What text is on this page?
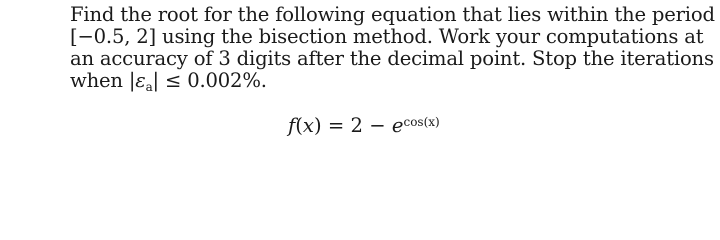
Find the root for the following equation that lies within the period
[−0.5, 2] using the bisection method. Work your computations at
an accuracy of 3 digits after the decimal point. Stop the iterations
when $|\varepsilon_a| \le 0.002\%$.
$f(x) = 2 - e^{cos(x)}$
